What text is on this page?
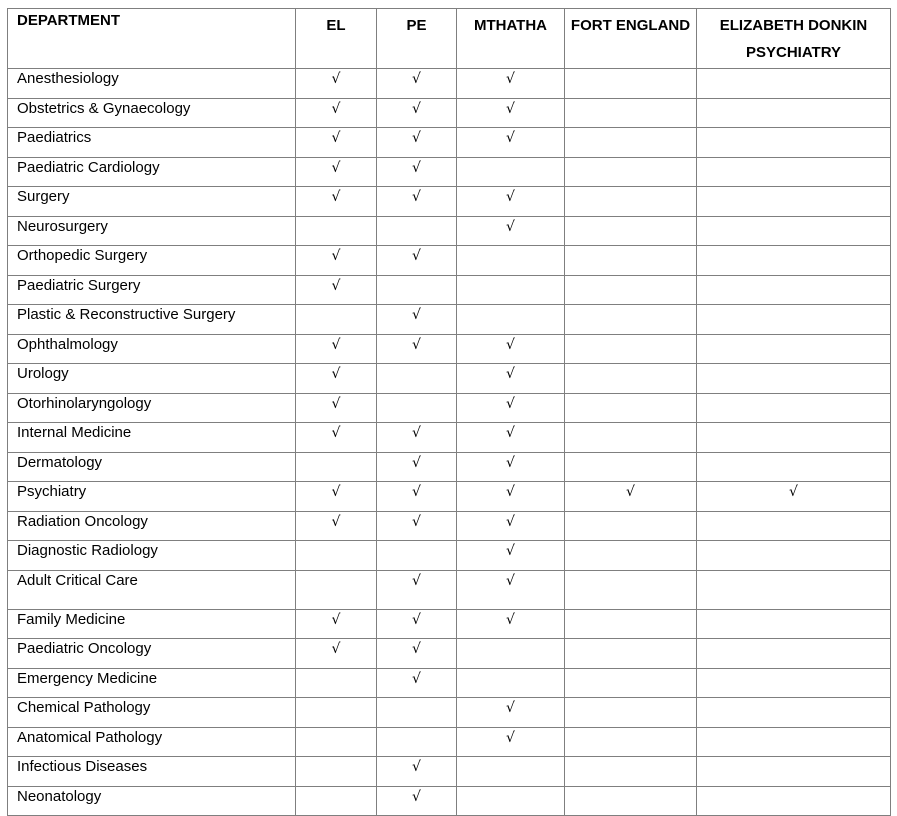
DEPARTMENT	EL	PE	MTHATHA	FORT ENGLAND	ELIZABETH DONKIN PSYCHIATRY
Anesthesiology	√	√	√		
Obstetrics & Gynaecology	√	√	√		
Paediatrics	√	√	√		
Paediatric Cardiology	√	√			
Surgery	√	√	√		
Neurosurgery			√		
Orthopedic Surgery	√	√			
Paediatric Surgery	√				
Plastic & Reconstructive Surgery		√			
Ophthalmology	√	√	√		
Urology	√		√		
Otorhinolaryngology	√		√		
Internal Medicine	√	√	√		
Dermatology		√	√		
Psychiatry	√	√	√	√	√
Radiation Oncology	√	√	√		
Diagnostic Radiology			√		
Adult Critical Care		√	√		
Family Medicine	√	√	√		
Paediatric Oncology	√	√			
Emergency Medicine		√			
Chemical Pathology			√		
Anatomical Pathology			√		
Infectious Diseases		√			
Neonatology		√			
